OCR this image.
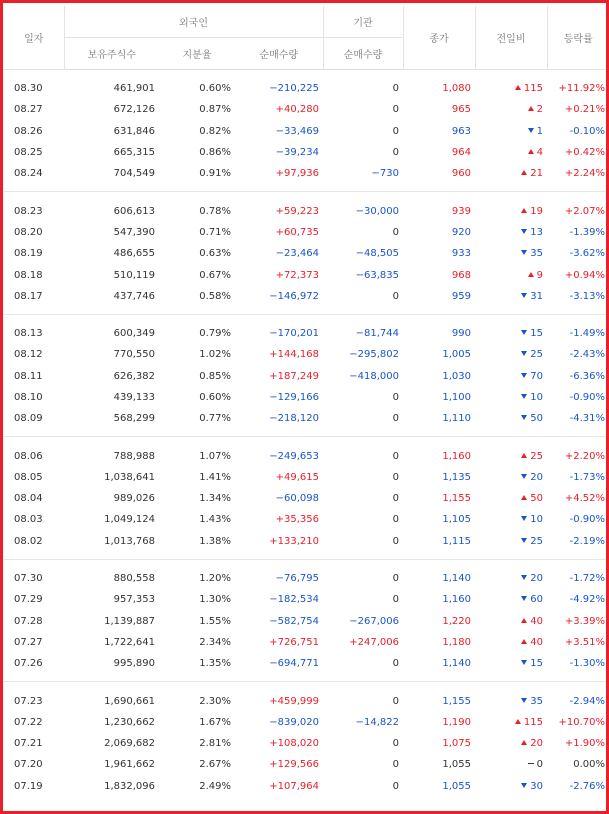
일자	외국인			기관	종가	전일비	등락률
	보유주식수	지분율	순매수량	순매수량			

08.30	461,901	0.60%	−210,225	0	1,080	115	+11.92%
08.27	672,126	0.87%	+40,280	0	965	2	+0.21%
08.26	631,846	0.82%	−33,469	0	963	1	-0.10%
08.25	665,315	0.86%	−39,234	0	964	4	+0.42%
08.24	704,549	0.91%	+97,936	−730	960	21	+2.24%

08.23	606,613	0.78%	+59,223	−30,000	939	19	+2.07%
08.20	547,390	0.71%	+60,735	0	920	13	-1.39%
08.19	486,655	0.63%	−23,464	−48,505	933	35	-3.62%
08.18	510,119	0.67%	+72,373	−63,835	968	9	+0.94%
08.17	437,746	0.58%	−146,972	0	959	31	-3.13%

08.13	600,349	0.79%	−170,201	−81,744	990	15	-1.49%
08.12	770,550	1.02%	+144,168	−295,802	1,005	25	-2.43%
08.11	626,382	0.85%	+187,249	−418,000	1,030	70	-6.36%
08.10	439,133	0.60%	−129,166	0	1,100	10	-0.90%
08.09	568,299	0.77%	−218,120	0	1,110	50	-4.31%

08.06	788,988	1.07%	−249,653	0	1,160	25	+2.20%
08.05	1,038,641	1.41%	+49,615	0	1,135	20	-1.73%
08.04	989,026	1.34%	−60,098	0	1,155	50	+4.52%
08.03	1,049,124	1.43%	+35,356	0	1,105	10	-0.90%
08.02	1,013,768	1.38%	+133,210	0	1,115	25	-2.19%

07.30	880,558	1.20%	−76,795	0	1,140	20	-1.72%
07.29	957,353	1.30%	−182,534	0	1,160	60	-4.92%
07.28	1,139,887	1.55%	−582,754	−267,006	1,220	40	+3.39%
07.27	1,722,641	2.34%	+726,751	+247,006	1,180	40	+3.51%
07.26	995,890	1.35%	−694,771	0	1,140	15	-1.30%

07.23	1,690,661	2.30%	+459,999	0	1,155	35	-2.94%
07.22	1,230,662	1.67%	−839,020	−14,822	1,190	115	+10.70%
07.21	2,069,682	2.81%	+108,020	0	1,075	20	+1.90%
07.20	1,961,662	2.67%	+129,566	0	1,055	0	0.00%
07.19	1,832,096	2.49%	+107,964	0	1,055	30	-2.76%
